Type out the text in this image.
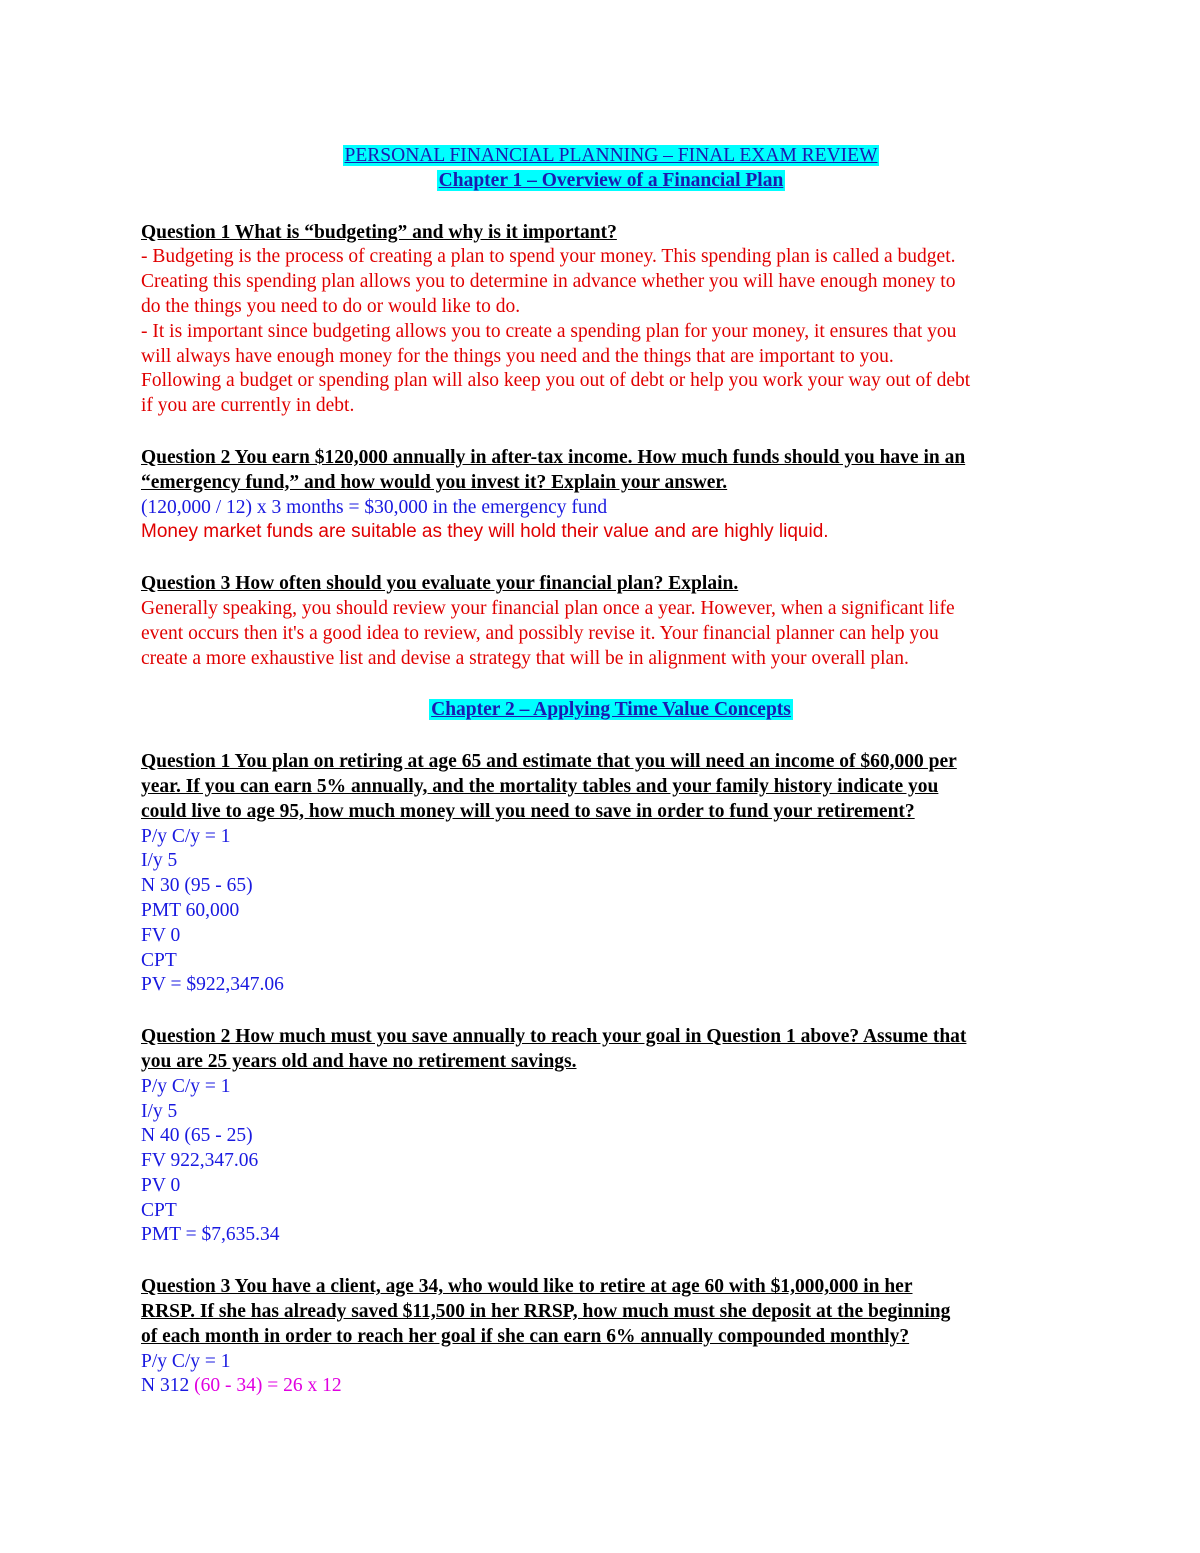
PERSONAL FINANCIAL PLANNING – FINAL EXAM REVIEW

Chapter 1 – Overview of a Financial Plan

Question 1 What is “budgeting” and why is it important?

- Budgeting is the process of creating a plan to spend your money. This spending plan is called a budget.

Creating this spending plan allows you to determine in advance whether you will have enough money to

do the things you need to do or would like to do.

- It is important since budgeting allows you to create a spending plan for your money, it ensures that you

will always have enough money for the things you need and the things that are important to you.

Following a budget or spending plan will also keep you out of debt or help you work your way out of debt

if you are currently in debt.

Question 2 You earn $120,000 annually in after-tax income. How much funds should you have in an

“emergency fund,” and how would you invest it? Explain your answer.

(120,000 / 12) x 3 months = $30,000 in the emergency fund

Money market funds are suitable as they will hold their value and are highly liquid.

Question 3 How often should you evaluate your financial plan? Explain.

Generally speaking, you should review your financial plan once a year. However, when a significant life

event occurs then it's a good idea to review, and possibly revise it. Your financial planner can help you

create a more exhaustive list and devise a strategy that will be in alignment with your overall plan.

Chapter 2 – Applying Time Value Concepts

Question 1 You plan on retiring at age 65 and estimate that you will need an income of $60,000 per

year. If you can earn 5% annually, and the mortality tables and your family history indicate you

could live to age 95, how much money will you need to save in order to fund your retirement?

P/y C/y = 1

I/y 5

N 30 (95 - 65)

PMT 60,000

FV 0

CPT

PV = $922,347.06

Question 2 How much must you save annually to reach your goal in Question 1 above? Assume that

you are 25 years old and have no retirement savings.

P/y C/y = 1

I/y 5

N 40 (65 - 25)

FV 922,347.06

PV 0

CPT

PMT = $7,635.34

Question 3 You have a client, age 34, who would like to retire at age 60 with $1,000,000 in her

RRSP. If she has already saved $11,500 in her RRSP, how much must she deposit at the beginning

of each month in order to reach her goal if she can earn 6% annually compounded monthly?

P/y C/y = 1

N 312 (60 - 34) = 26 x 12
